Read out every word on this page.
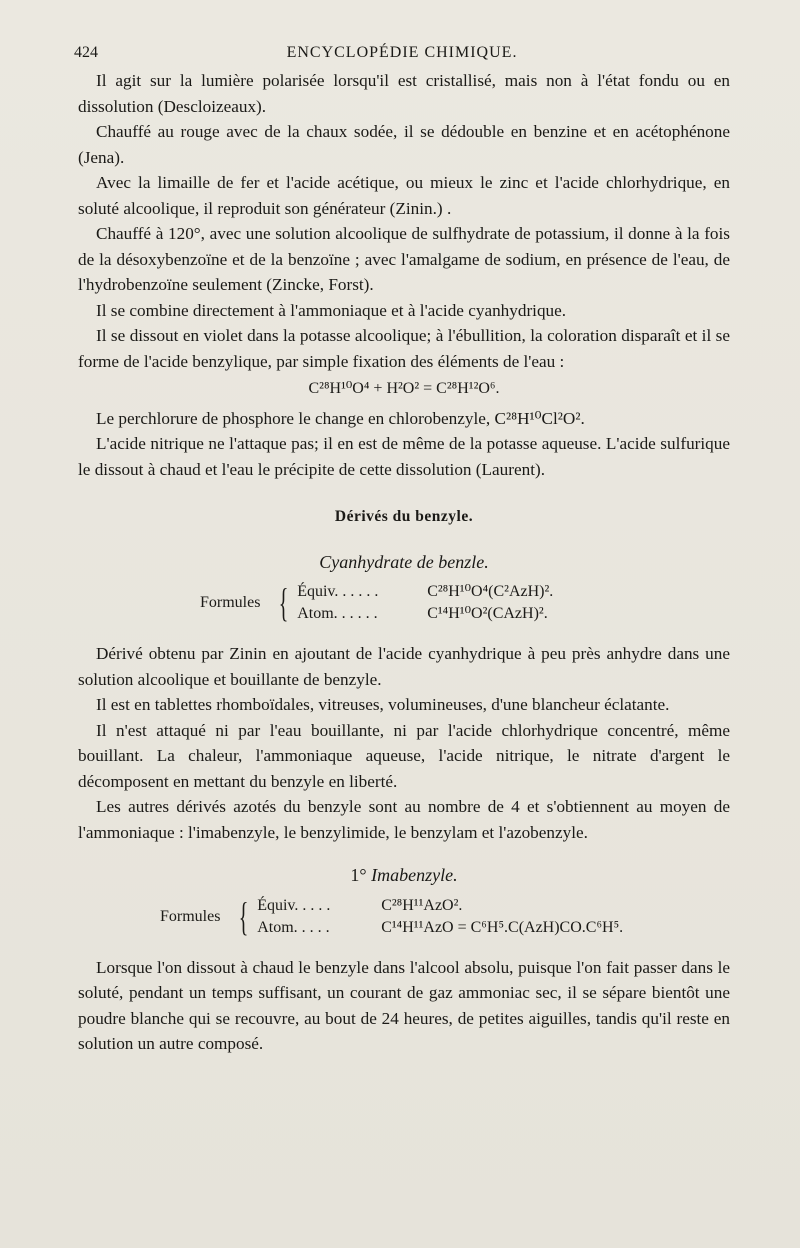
424	ENCYCLOPÉDIE CHIMIQUE.

Il agit sur la lumière polarisée lorsqu'il est cristallisé, mais non à l'état fondu ou en dissolution (Descloizeaux).

Chauffé au rouge avec de la chaux sodée, il se dédouble en benzine et en acétophénone (Jena).

Avec la limaille de fer et l'acide acétique, ou mieux le zinc et l'acide chlorhydrique, en soluté alcoolique, il reproduit son générateur (Zinin.) .

Chauffé à 120°, avec une solution alcoolique de sulfhydrate de potassium, il donne à la fois de la désoxybenzoïne et de la benzoïne ; avec l'amalgame de sodium, en présence de l'eau, de l'hydrobenzoïne seulement (Zincke, Forst).

Il se combine directement à l'ammoniaque et à l'acide cyanhydrique.

Il se dissout en violet dans la potasse alcoolique; à l'ébullition, la coloration disparaît et il se forme de l'acide benzylique, par simple fixation des éléments de l'eau :

C²⁸H¹⁰O⁴ + H²O² = C²⁸H¹²O⁶.

Le perchlorure de phosphore le change en chlorobenzyle, C²⁸H¹⁰Cl²O².

L'acide nitrique ne l'attaque pas; il en est de même de la potasse aqueuse. L'acide sulfurique le dissout à chaud et l'eau le précipite de cette dissolution (Laurent).

Dérivés du benzyle.
Cyanhydrate de benzle.
Formules { Équiv. . . . . .	C²⁸H¹⁰O⁴(C²AzH)².
Atom. . . . . .	C¹⁴H¹⁰O²(CAzH)².

Dérivé obtenu par Zinin en ajoutant de l'acide cyanhydrique à peu près anhydre dans une solution alcoolique et bouillante de benzyle.

Il est en tablettes rhomboïdales, vitreuses, volumineuses, d'une blancheur éclatante.

Il n'est attaqué ni par l'eau bouillante, ni par l'acide chlorhydrique concentré, même bouillant. La chaleur, l'ammoniaque aqueuse, l'acide nitrique, le nitrate d'argent le décomposent en mettant du benzyle en liberté.

Les autres dérivés azotés du benzyle sont au nombre de 4 et s'obtiennent au moyen de l'ammoniaque : l'imabenzyle, le benzylimide, le benzylam et l'azobenzyle.

1° Imabenzyle.
Formules { Équiv. . . . .	C²⁸H¹¹AzO².
Atom. . . . .	C¹⁴H¹¹AzO = C⁶H⁵.C(AzH)CO.C⁶H⁵.

Lorsque l'on dissout à chaud le benzyle dans l'alcool absolu, puisque l'on fait passer dans le soluté, pendant un temps suffisant, un courant de gaz ammoniac sec, il se sépare bientôt une poudre blanche qui se recouvre, au bout de 24 heures, de petites aiguilles, tandis qu'il reste en solution un autre composé.
